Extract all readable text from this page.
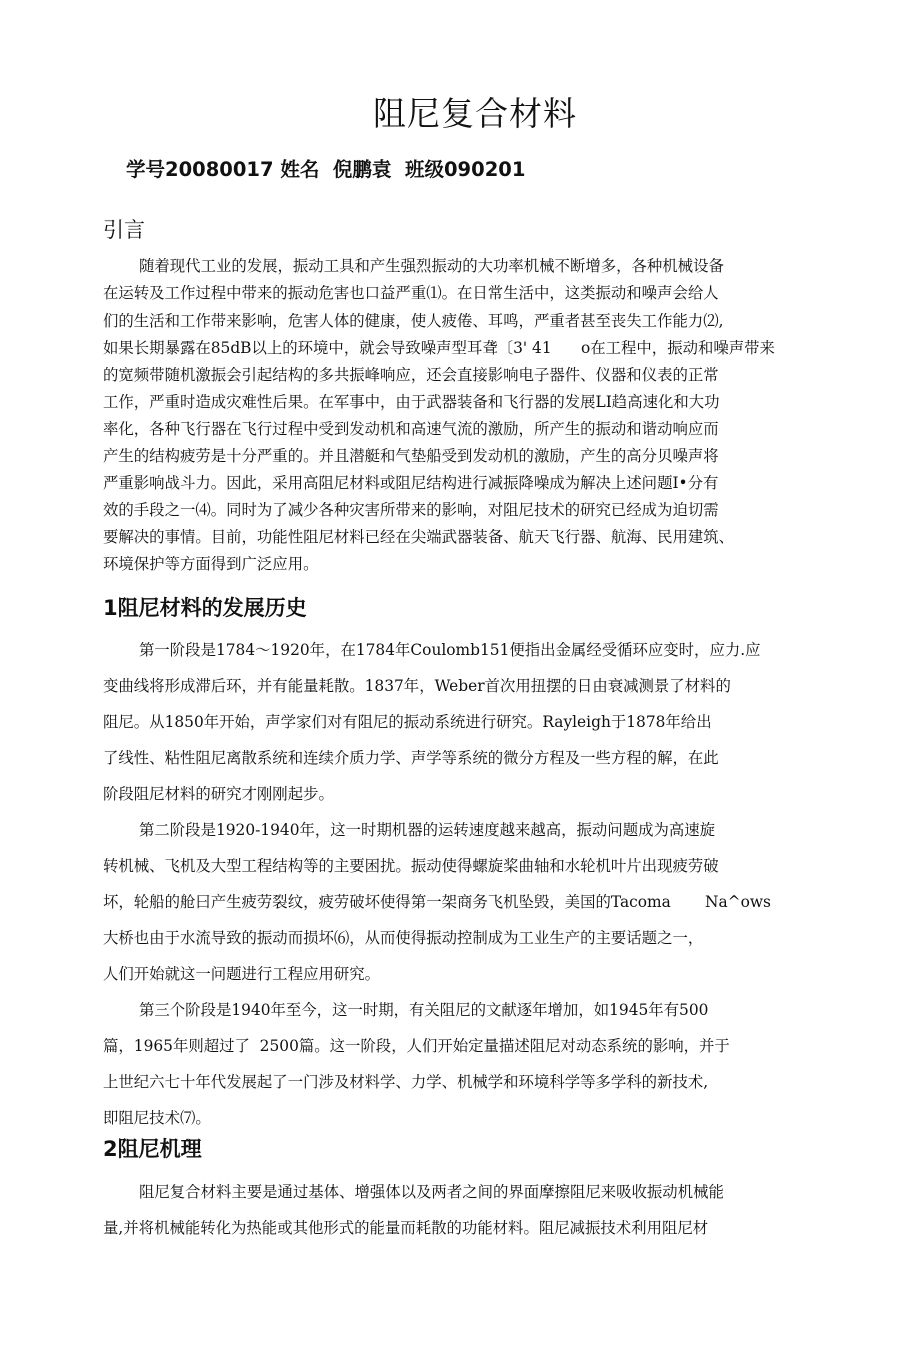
阻尼复合材料
学号20080017 姓名  倪鹏袁  班级090201
引言
1阻尼材料的发展历史
2阻尼机理
随着现代工业的发展，振动工具和产生强烈振动的大功率机械不断增多，各种机械设备
在运转及工作过程中带来的振动危害也口益严重⑴。在日常生活中，这类振动和噪声会给人
们的生活和工作带来影响，危害人体的健康，使人疲倦、耳鸣，严重者甚至丧失工作能力⑵,
如果长期暴露在85dB以上的环境中，就会导致噪声型耳聋〔3' 41      o在工程中，振动和噪声带来
的宽频带随机激振会引起结构的多共振峰响应，还会直接影响电子器件、仪器和仪表的正常
工作，严重时造成灾难性后果。在军事中，由于武器装备和飞行器的发展LI趋高速化和大功
率化，各种飞行器在飞行过程中受到发动机和高速气流的激励，所产生的振动和谐动响应而
产生的结构疲劳是十分严重的。并且潜艇和气垫船受到发动机的激励，产生的高分贝噪声将
严重影响战斗力。因此，采用高阻尼材料或阻尼结构进行减振降噪成为解决上述问题I•分有
效的手段之一⑷。同时为了减少各种灾害所带来的影响，对阻尼技术的研究已经成为迫切需
要解决的事情。目前，功能性阻尼材料已经在尖端武器装备、航天飞行器、航海、民用建筑、
环境保护等方面得到广泛应用。
第一阶段是1784〜1920年，在1784年Coulomb151便指出金属经受循环应变时，应力.应
变曲线将形成滞后环，并有能量耗散。1837年，Weber首次用扭摆的日由衰减测景了材料的
阻尼。从1850年开始，声学家们对有阻尼的振动系统进行研究。Rayleigh于1878年给出
了线性、粘性阻尼离散系统和连续介质力学、声学等系统的微分方程及一些方程的解，在此
阶段阻尼材料的研究才刚刚起步。
第二阶段是1920-1940年，这一时期机器的运转速度越来越高，振动问题成为高速旋
转机械、飞机及大型工程结构等的主要困扰。振动使得螺旋桨曲轴和水轮机叶片出现疲劳破
坏，轮船的舱曰产生疲劳裂纹，疲劳破坏使得第一架商务飞机坠毁，美国的Tacoma       Na^ows
大桥也由于水流导致的振动而损坏⑹，从而使得振动控制成为工业生产的主要话题之一，
人们开始就这一问题进行工程应用研究。
第三个阶段是1940年至今，这一时期，有关阻尼的文献逐年增加，如1945年有500
篇，1965年则超过了  2500篇。这一阶段，人们开始定量描述阻尼对动态系统的影响，并于
上世纪六七十年代发展起了一门涉及材料学、力学、机械学和环境科学等多学科的新技术,
即阻尼技术⑺。
阻尼复合材料主要是通过基体、增强体以及两者之间的界面摩擦阻尼来吸收振动机械能
量,并将机械能转化为热能或其他形式的能量而耗散的功能材料。阻尼减振技术利用阻尼材
